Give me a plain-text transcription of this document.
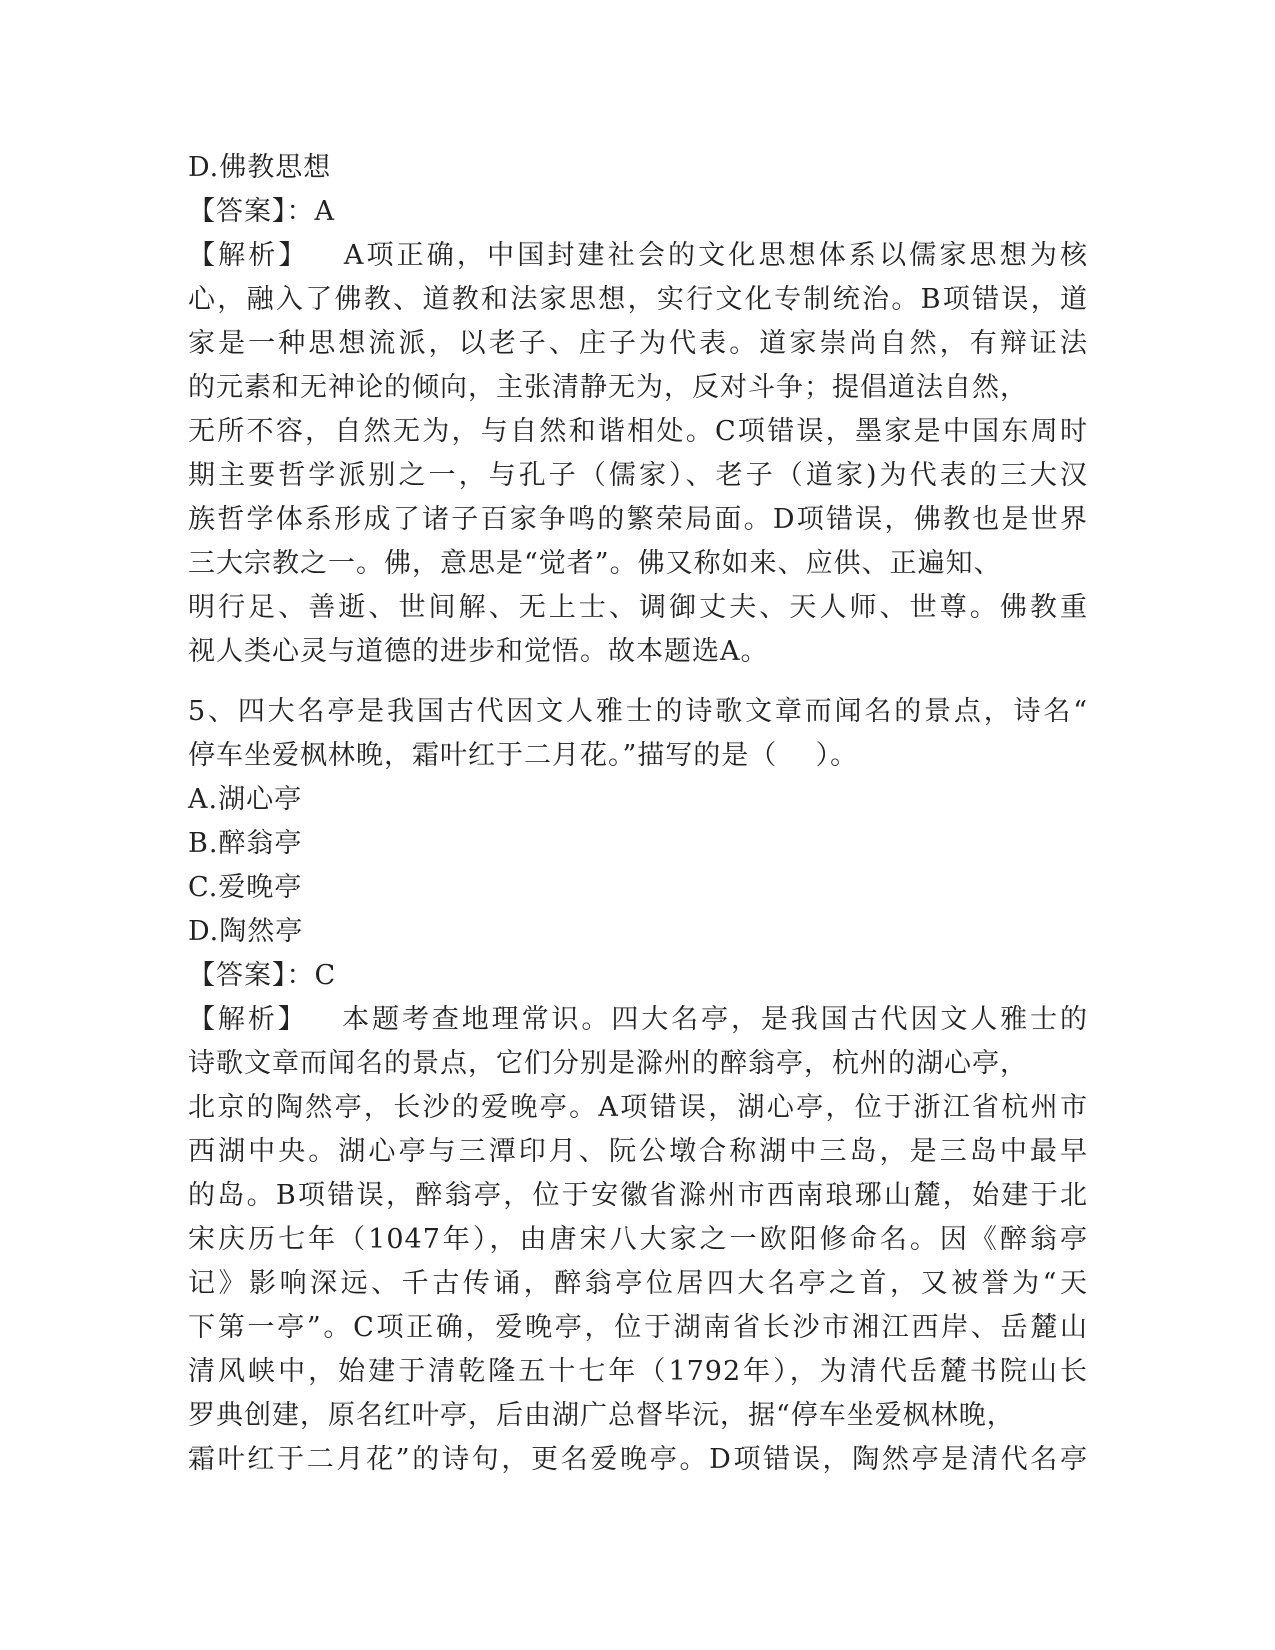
D.佛教思想
【答案】：A
【解析】   A项正确，中国封建社会的文化思想体系以儒家思想为核
心，融入了佛教、道教和法家思想，实行文化专制统治。B项错误，道
家是一种思想流派，以老子、庄子为代表。道家崇尚自然，有辩证法
的元素和无神论的倾向，主张清静无为，反对斗争；提倡道法自然，
无所不容，自然无为，与自然和谐相处。C项错误，墨家是中国东周时
期主要哲学派别之一，与孔子（儒家）、老子（道家)为代表的三大汉
族哲学体系形成了诸子百家争鸣的繁荣局面。D项错误，佛教也是世界
三大宗教之一。佛，意思是“觉者”。佛又称如来、应供、正遍知、
明行足、善逝、世间解、无上士、调御丈夫、天人师、世尊。佛教重
视人类心灵与道德的进步和觉悟。故本题选A。
5、四大名亭是我国古代因文人雅士的诗歌文章而闻名的景点，诗名“
停车坐爱枫林晚，霜叶红于二月花。”描写的是（    ）。
A.湖心亭
B.醉翁亭
C.爱晚亭
D.陶然亭
【答案】：C
【解析】   本题考查地理常识。四大名亭，是我国古代因文人雅士的
诗歌文章而闻名的景点，它们分别是滁州的醉翁亭，杭州的湖心亭，
北京的陶然亭，长沙的爱晚亭。A项错误，湖心亭，位于浙江省杭州市
西湖中央。湖心亭与三潭印月、阮公墩合称湖中三岛，是三岛中最早
的岛。B项错误，醉翁亭，位于安徽省滁州市西南琅琊山麓，始建于北
宋庆历七年（1047年），由唐宋八大家之一欧阳修命名。因《醉翁亭
记》影响深远、千古传诵，醉翁亭位居四大名亭之首，又被誉为“天
下第一亭”。C项正确，爱晚亭，位于湖南省长沙市湘江西岸、岳麓山
清风峡中，始建于清乾隆五十七年（1792年），为清代岳麓书院山长
罗典创建，原名红叶亭，后由湖广总督毕沅，据“停车坐爱枫林晚，
霜叶红于二月花”的诗句，更名爱晚亭。D项错误，陶然亭是清代名亭
